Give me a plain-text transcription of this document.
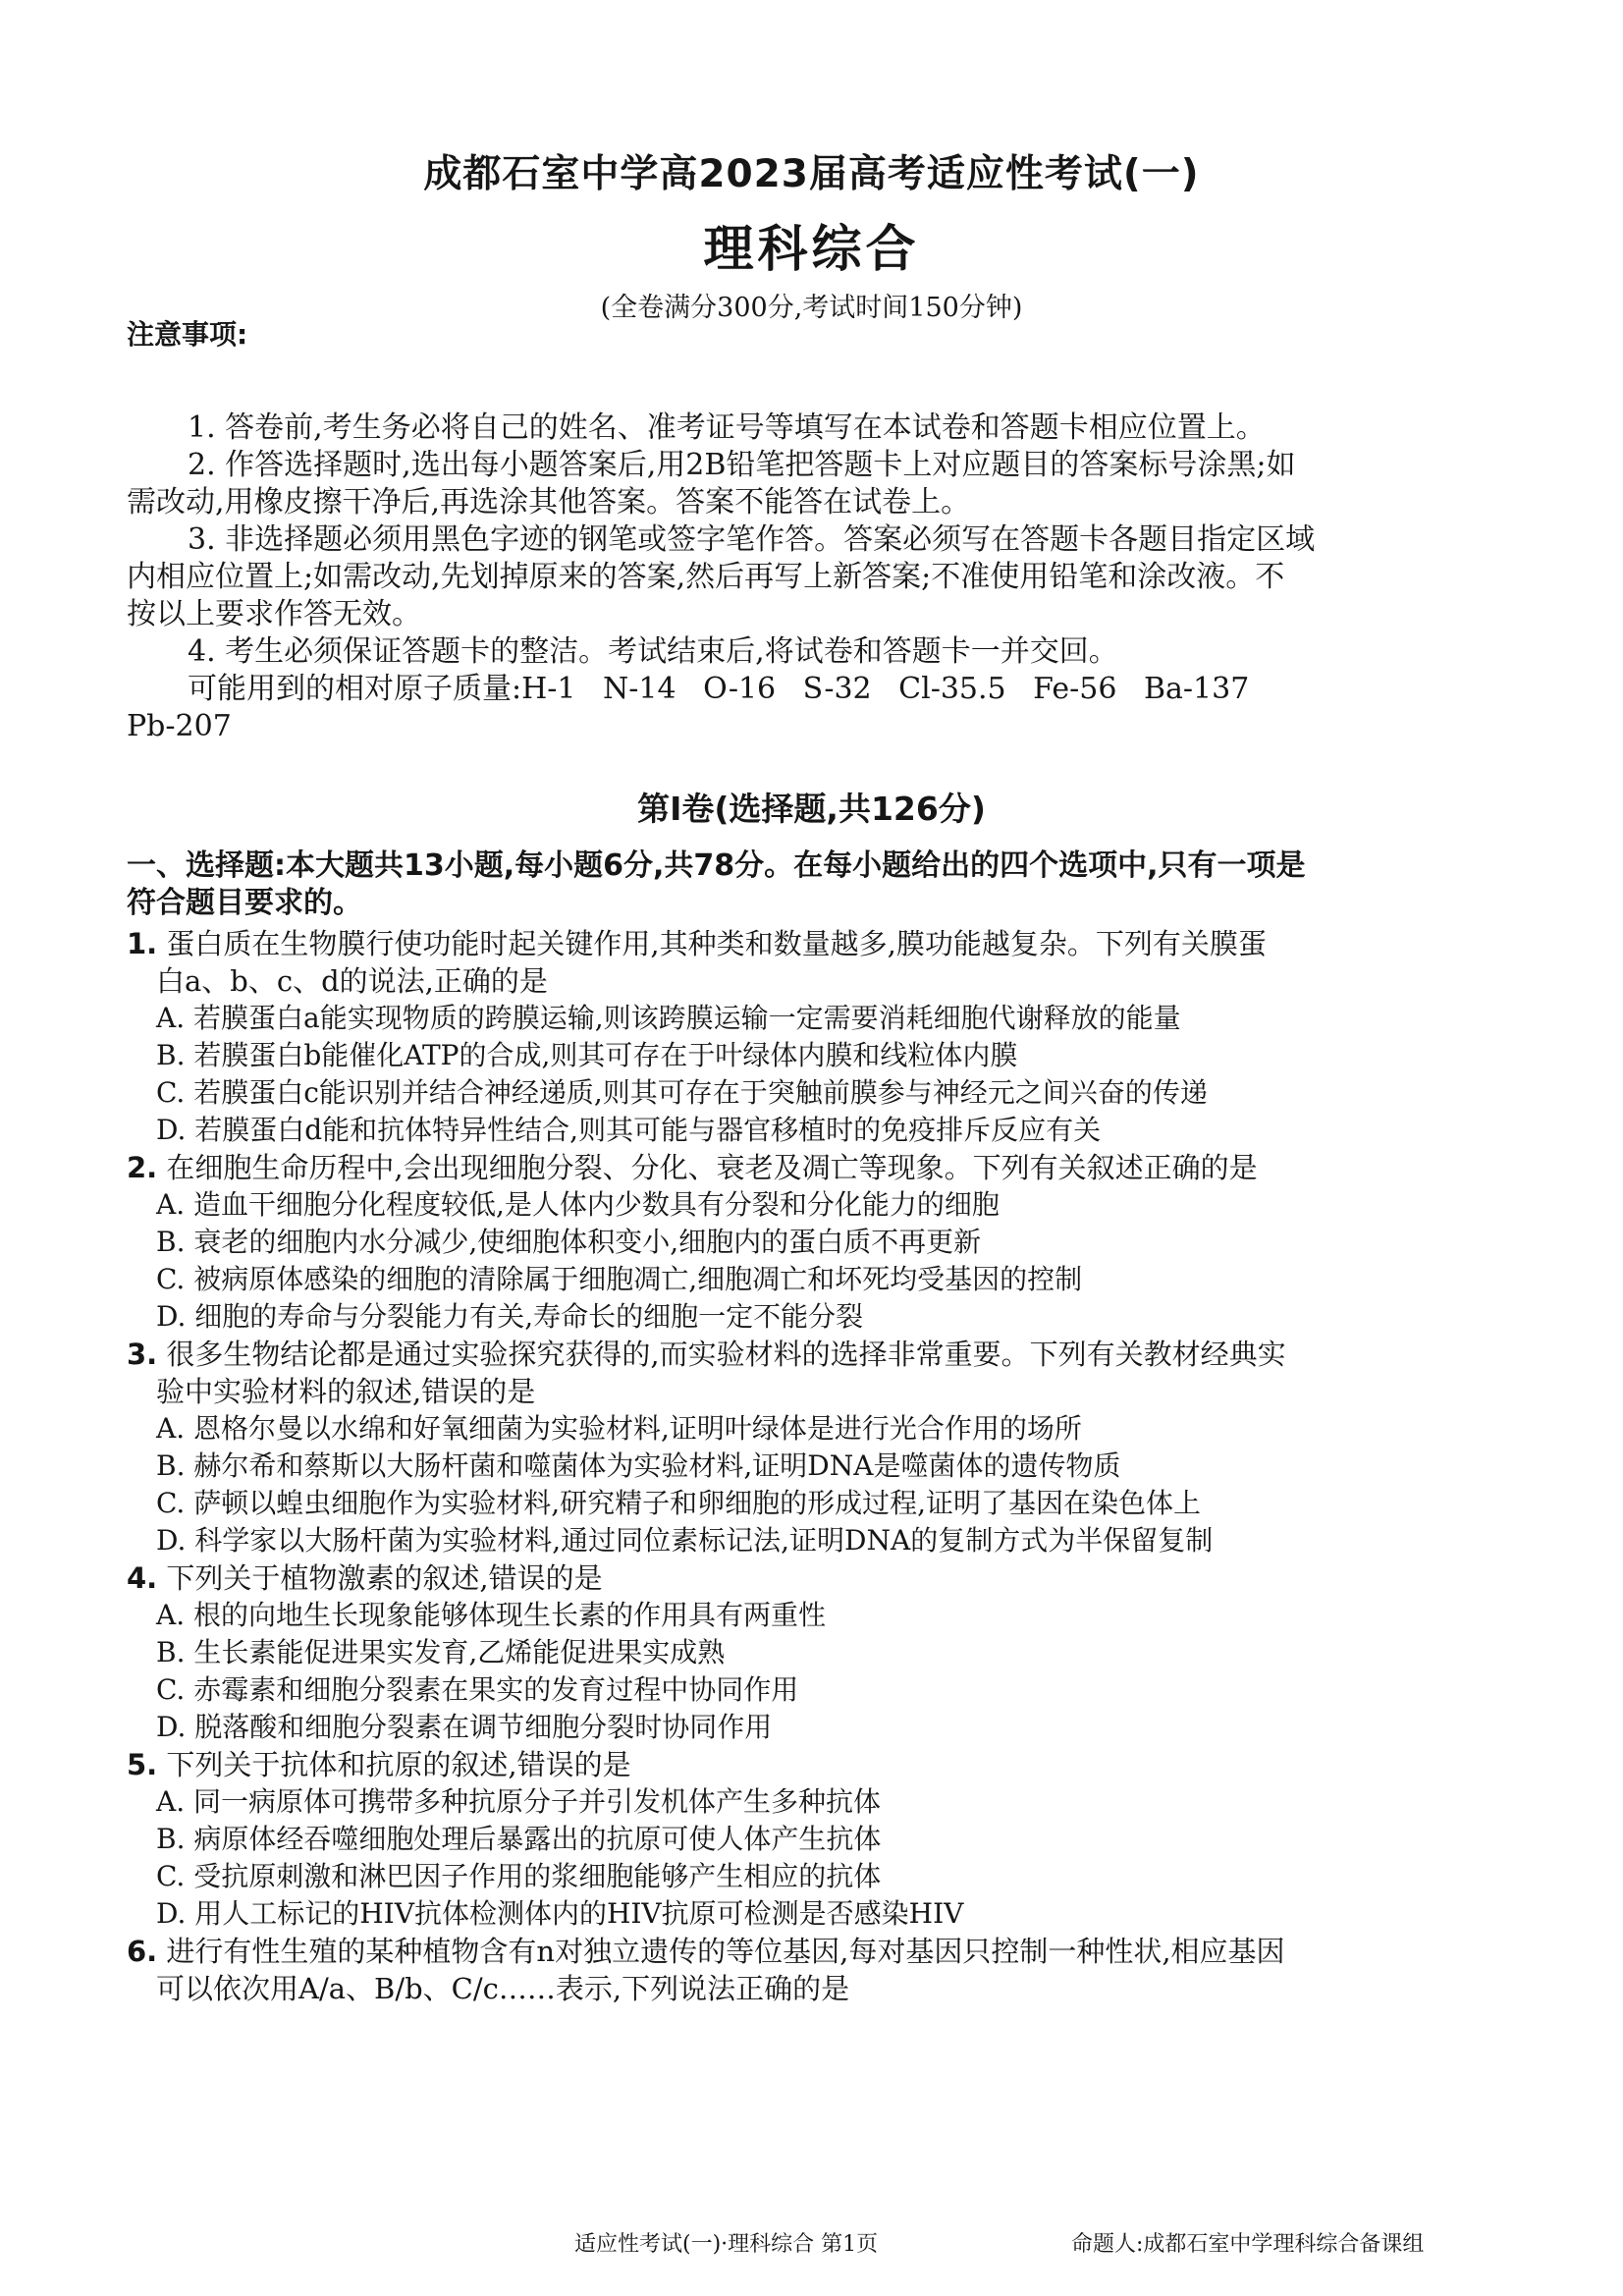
成都石室中学高2023届高考适应性考试(一)
理科综合
(全卷满分300分,考试时间150分钟)
注意事项:
1. 答卷前,考生务必将自己的姓名、准考证号等填写在本试卷和答题卡相应位置上。
2. 作答选择题时,选出每小题答案后,用2B铅笔把答题卡上对应题目的答案标号涂黑;如
需改动,用橡皮擦干净后,再选涂其他答案。答案不能答在试卷上。
3. 非选择题必须用黑色字迹的钢笔或签字笔作答。答案必须写在答题卡各题目指定区域
内相应位置上;如需改动,先划掉原来的答案,然后再写上新答案;不准使用铅笔和涂改液。不
按以上要求作答无效。
4. 考生必须保证答题卡的整洁。考试结束后,将试卷和答题卡一并交回。
可能用到的相对原子质量:H-1 N-14 O-16 S-32 Cl-35.5 Fe-56 Ba-137
Pb-207
第Ⅰ卷(选择题,共126分)
一、选择题:本大题共13小题,每小题6分,共78分。在每小题给出的四个选项中,只有一项是
符合题目要求的。
1. 蛋白质在生物膜行使功能时起关键作用,其种类和数量越多,膜功能越复杂。下列有关膜蛋
白a、b、c、d的说法,正确的是
A. 若膜蛋白a能实现物质的跨膜运输,则该跨膜运输一定需要消耗细胞代谢释放的能量
B. 若膜蛋白b能催化ATP的合成,则其可存在于叶绿体内膜和线粒体内膜
C. 若膜蛋白c能识别并结合神经递质,则其可存在于突触前膜参与神经元之间兴奋的传递
D. 若膜蛋白d能和抗体特异性结合,则其可能与器官移植时的免疫排斥反应有关
2. 在细胞生命历程中,会出现细胞分裂、分化、衰老及凋亡等现象。下列有关叙述正确的是
A. 造血干细胞分化程度较低,是人体内少数具有分裂和分化能力的细胞
B. 衰老的细胞内水分减少,使细胞体积变小,细胞内的蛋白质不再更新
C. 被病原体感染的细胞的清除属于细胞凋亡,细胞凋亡和坏死均受基因的控制
D. 细胞的寿命与分裂能力有关,寿命长的细胞一定不能分裂
3. 很多生物结论都是通过实验探究获得的,而实验材料的选择非常重要。下列有关教材经典实
验中实验材料的叙述,错误的是
A. 恩格尔曼以水绵和好氧细菌为实验材料,证明叶绿体是进行光合作用的场所
B. 赫尔希和蔡斯以大肠杆菌和噬菌体为实验材料,证明DNA是噬菌体的遗传物质
C. 萨顿以蝗虫细胞作为实验材料,研究精子和卵细胞的形成过程,证明了基因在染色体上
D. 科学家以大肠杆菌为实验材料,通过同位素标记法,证明DNA的复制方式为半保留复制
4. 下列关于植物激素的叙述,错误的是
A. 根的向地生长现象能够体现生长素的作用具有两重性
B. 生长素能促进果实发育,乙烯能促进果实成熟
C. 赤霉素和细胞分裂素在果实的发育过程中协同作用
D. 脱落酸和细胞分裂素在调节细胞分裂时协同作用
5. 下列关于抗体和抗原的叙述,错误的是
A. 同一病原体可携带多种抗原分子并引发机体产生多种抗体
B. 病原体经吞噬细胞处理后暴露出的抗原可使人体产生抗体
C. 受抗原刺激和淋巴因子作用的浆细胞能够产生相应的抗体
D. 用人工标记的HIV抗体检测体内的HIV抗原可检测是否感染HIV
6. 进行有性生殖的某种植物含有n对独立遗传的等位基因,每对基因只控制一种性状,相应基因
可以依次用A/a、B/b、C/c……表示,下列说法正确的是
适应性考试(一)·理科综合 第1页	命题人:成都石室中学理科综合备课组
